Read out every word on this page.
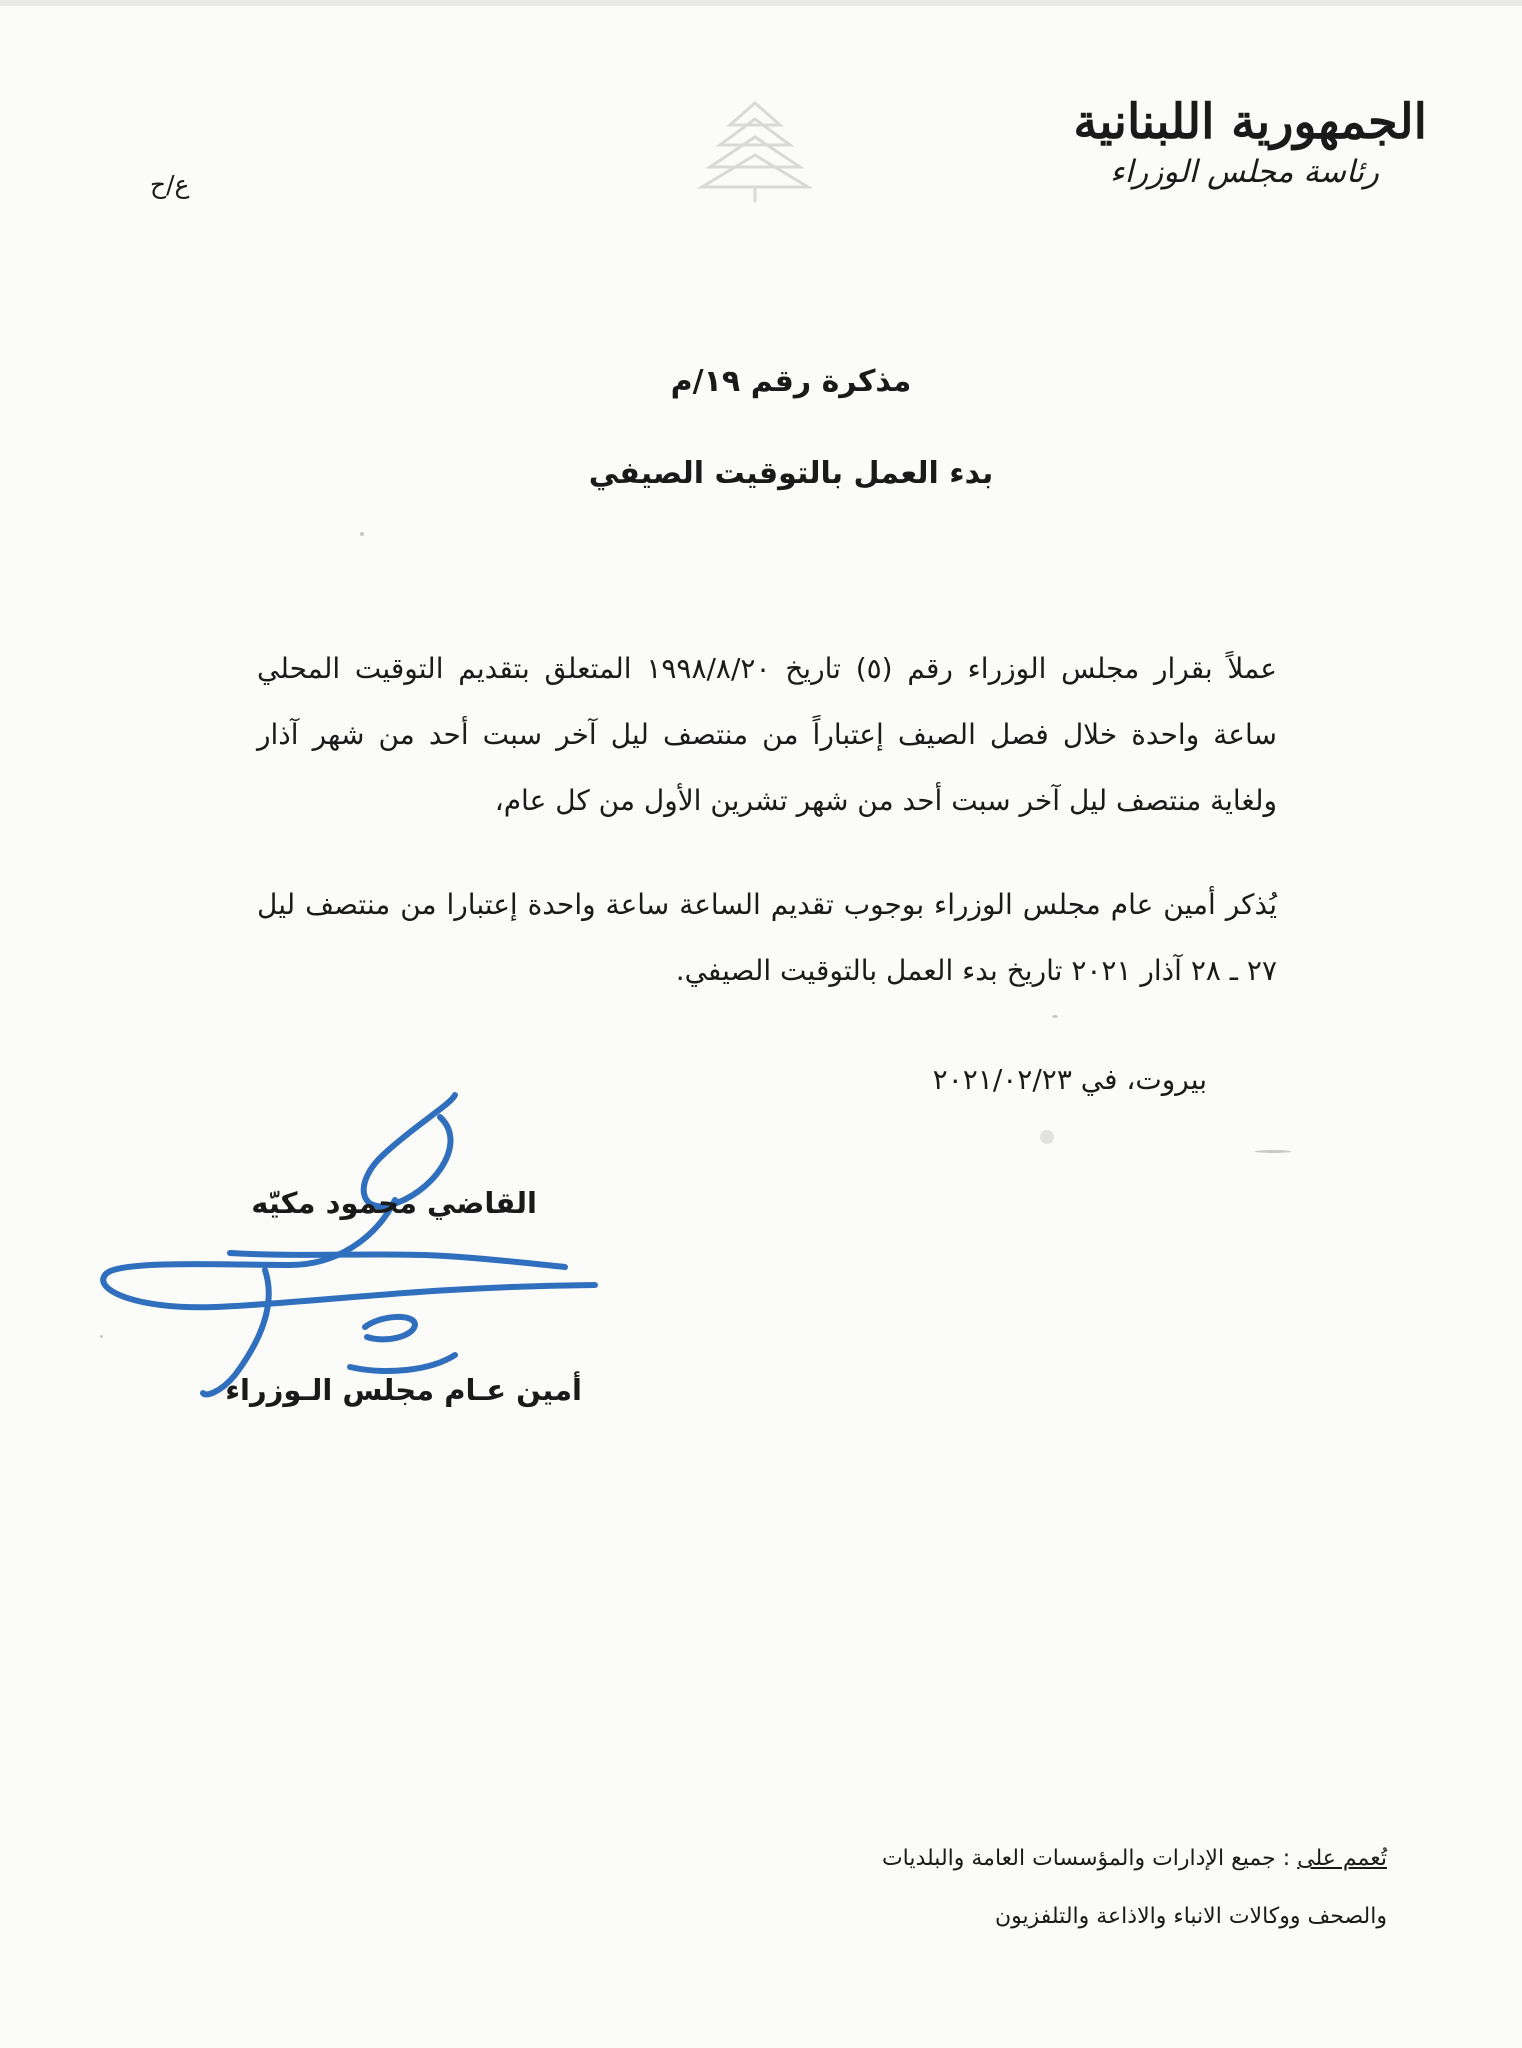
الجمهورية اللبنانية
رئاسة مجلس الوزراء
ع/ح
مذكرة رقم ١٩/م
بدء العمل بالتوقيت الصيفي
عملاً بقرار مجلس الوزراء رقم (٥) تاريخ ١٩٩٨/٨/٢٠ المتعلق بتقديم التوقيت المحلي ساعة واحدة خلال فصل الصيف إعتباراً من منتصف ليل آخر سبت أحد من شهر آذار ولغاية منتصف ليل آخر سبت أحد من شهر تشرين الأول من كل عام،
يُذكر أمين عام مجلس الوزراء بوجوب تقديم الساعة ساعة واحدة إعتبارا من منتصف ليل ٢٧ ـ ٢٨ آذار ٢٠٢١ تاريخ بدء العمل بالتوقيت الصيفي.
بيروت، في ٢٠٢١/٠٢/٢٣
القاضي محمود مكيّه
أمين عـام مجلس الـوزراء
تُعمم على : جميع الإدارات والمؤسسات العامة والبلديات
والصحف ووكالات الانباء والاذاعة والتلفزيون
